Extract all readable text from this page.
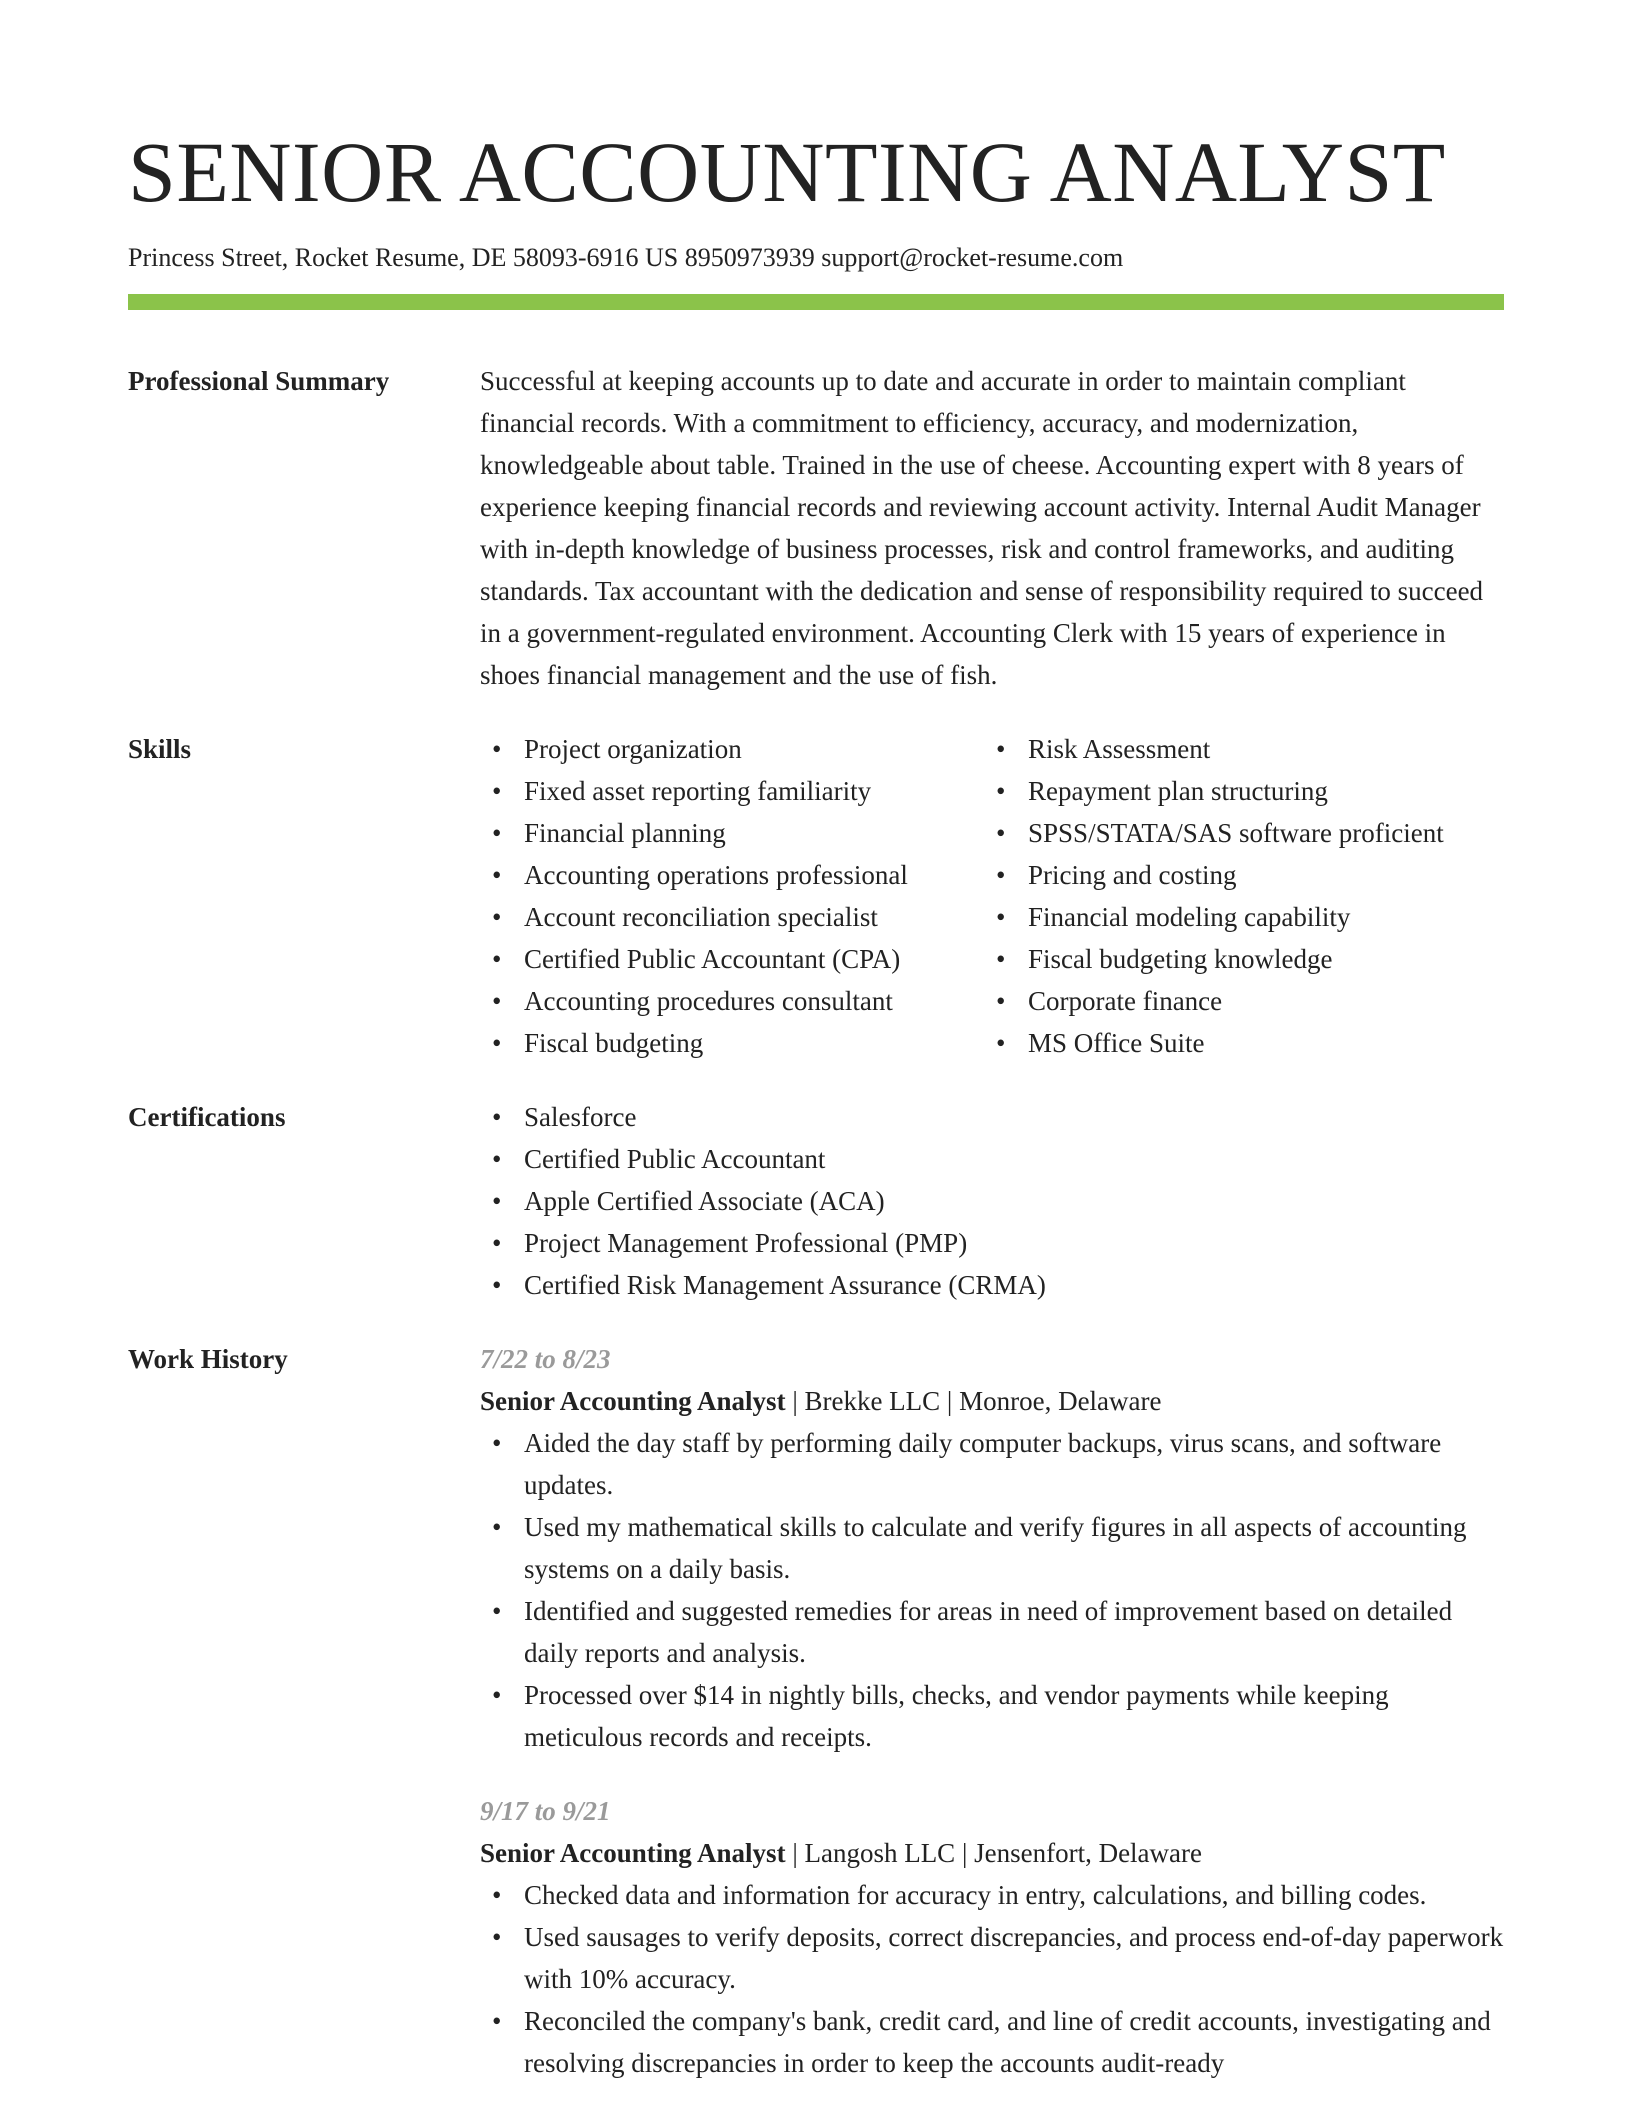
SENIOR ACCOUNTING ANALYST
Princess Street, Rocket Resume, DE 58093-6916 US 8950973939 support@rocket-resume.com
Professional Summary	Successful at keeping accounts up to date and accurate in order to maintain compliant financial records. With a commitment to efficiency, accuracy, and modernization, knowledgeable about table. Trained in the use of cheese. Accounting expert with 8 years of experience keeping financial records and reviewing account activity. Internal Audit Manager with in-depth knowledge of business processes, risk and control frameworks, and auditing standards. Tax accountant with the dedication and sense of responsibility required to succeed in a government-regulated environment. Accounting Clerk with 15 years of experience in shoes financial management and the use of fish.

Skills	• Project organization
• Fixed asset reporting familiarity
• Financial planning
• Accounting operations professional
• Account reconciliation specialist
• Certified Public Accountant (CPA)
• Accounting procedures consultant
• Fiscal budgeting
• Risk Assessment
• Repayment plan structuring
• SPSS/STATA/SAS software proficient
• Pricing and costing
• Financial modeling capability
• Fiscal budgeting knowledge
• Corporate finance
• MS Office Suite
Certifications	• Salesforce
• Certified Public Accountant
• Apple Certified Associate (ACA)
• Project Management Professional (PMP)
• Certified Risk Management Assurance (CRMA)
Work History	7/22 to 8/23
Senior Accounting Analyst | Brekke LLC | Monroe, Delaware
• Aided the day staff by performing daily computer backups, virus scans, and software updates.
• Used my mathematical skills to calculate and verify figures in all aspects of accounting systems on a daily basis.
• Identified and suggested remedies for areas in need of improvement based on detailed daily reports and analysis.
• Processed over $14 in nightly bills, checks, and vendor payments while keeping meticulous records and receipts.
9/17 to 9/21
Senior Accounting Analyst | Langosh LLC | Jensenfort, Delaware
• Checked data and information for accuracy in entry, calculations, and billing codes.
• Used sausages to verify deposits, correct discrepancies, and process end-of-day paperwork with 10% accuracy.
• Reconciled the company's bank, credit card, and line of credit accounts, investigating and resolving discrepancies in order to keep the accounts audit-ready
